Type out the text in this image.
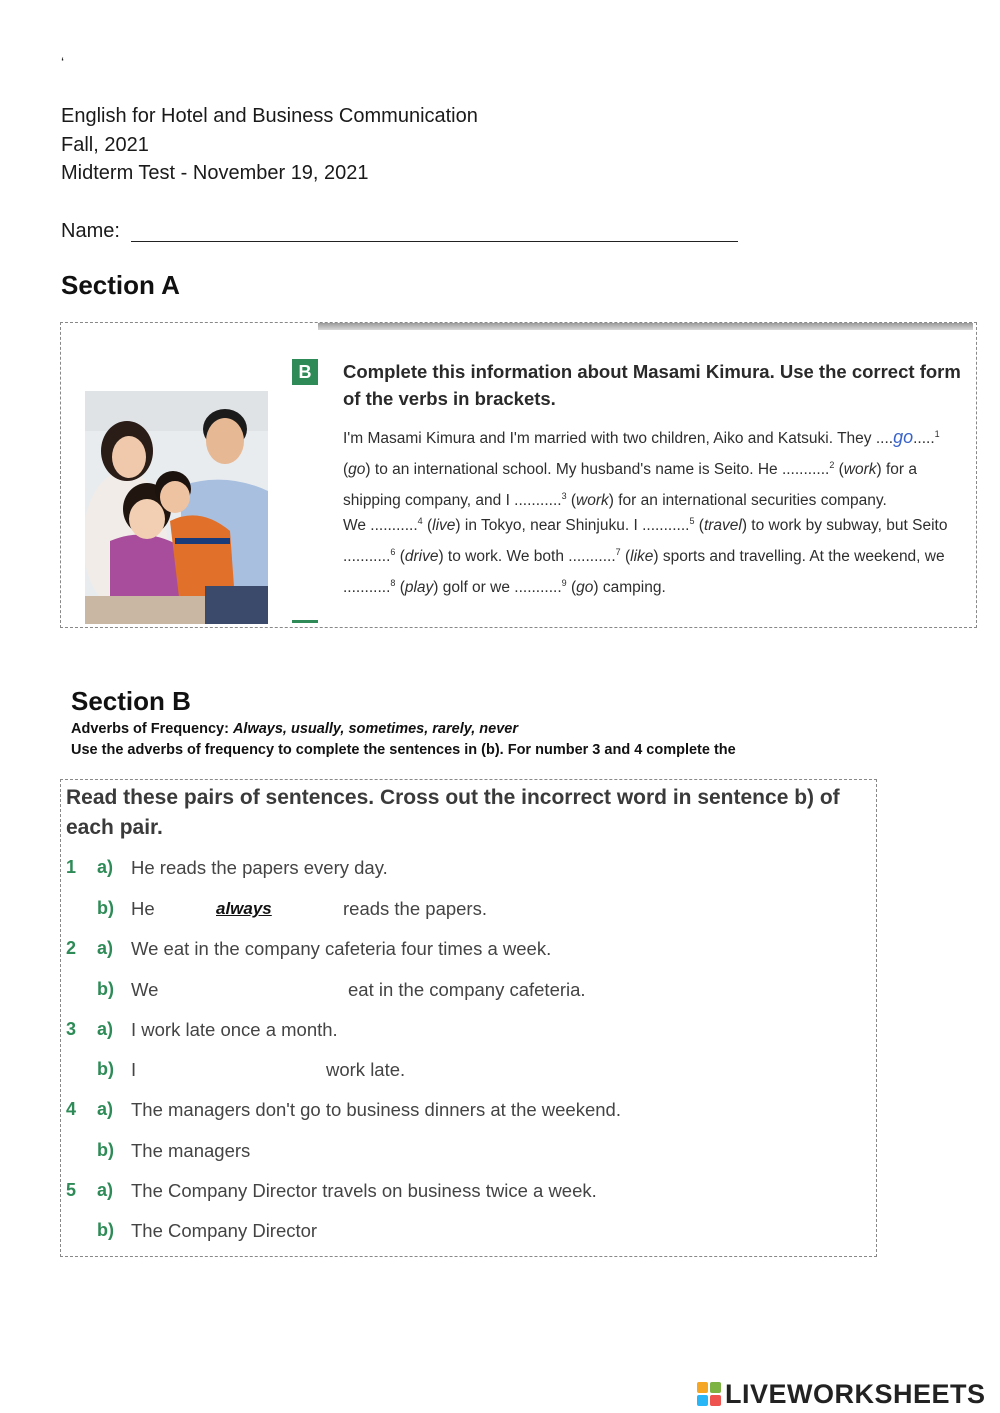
‘
English for Hotel and Business Communication
Fall, 2021
Midterm Test - November 19, 2021
Name:
Section A
B	Complete this information about Masami Kimura. Use the correct form of the verbs in brackets.
I'm Masami Kimura and I'm married with two children, Aiko and Katsuki. They ....go.....$^1$ (go) to an international school. My husband's name is Seito. He ...........$^2$ (work) for a shipping company, and I ...........$^3$ (work) for an international securities company.
We ...........$^4$ (live) in Tokyo, near Shinjuku. I ...........$^5$ (travel) to work by subway, but Seito ...........$^6$ (drive) to work. We both ...........$^7$ (like) sports and travelling. At the weekend, we ...........$^8$ (play) golf or we ...........$^9$ (go) camping.
Section B
Adverbs of Frequency: Always, usually, sometimes, rarely, never
Use the adverbs of frequency to complete the sentences in (b). For number 3 and 4 complete the
Read these pairs of sentences. Cross out the incorrect word in sentence b) of each pair.
1 a) He reads the papers every day.
b) He	always	reads the papers.
2 a) We eat in the company cafeteria four times a week.
b) We	eat in the company cafeteria.
3 a) I work late once a month.
b) I	work late.
4 a) The managers don't go to business dinners at the weekend.
b) The managers
5 a) The Company Director travels on business twice a week.
b) The Company Director
LIVEWORKSHEETS
